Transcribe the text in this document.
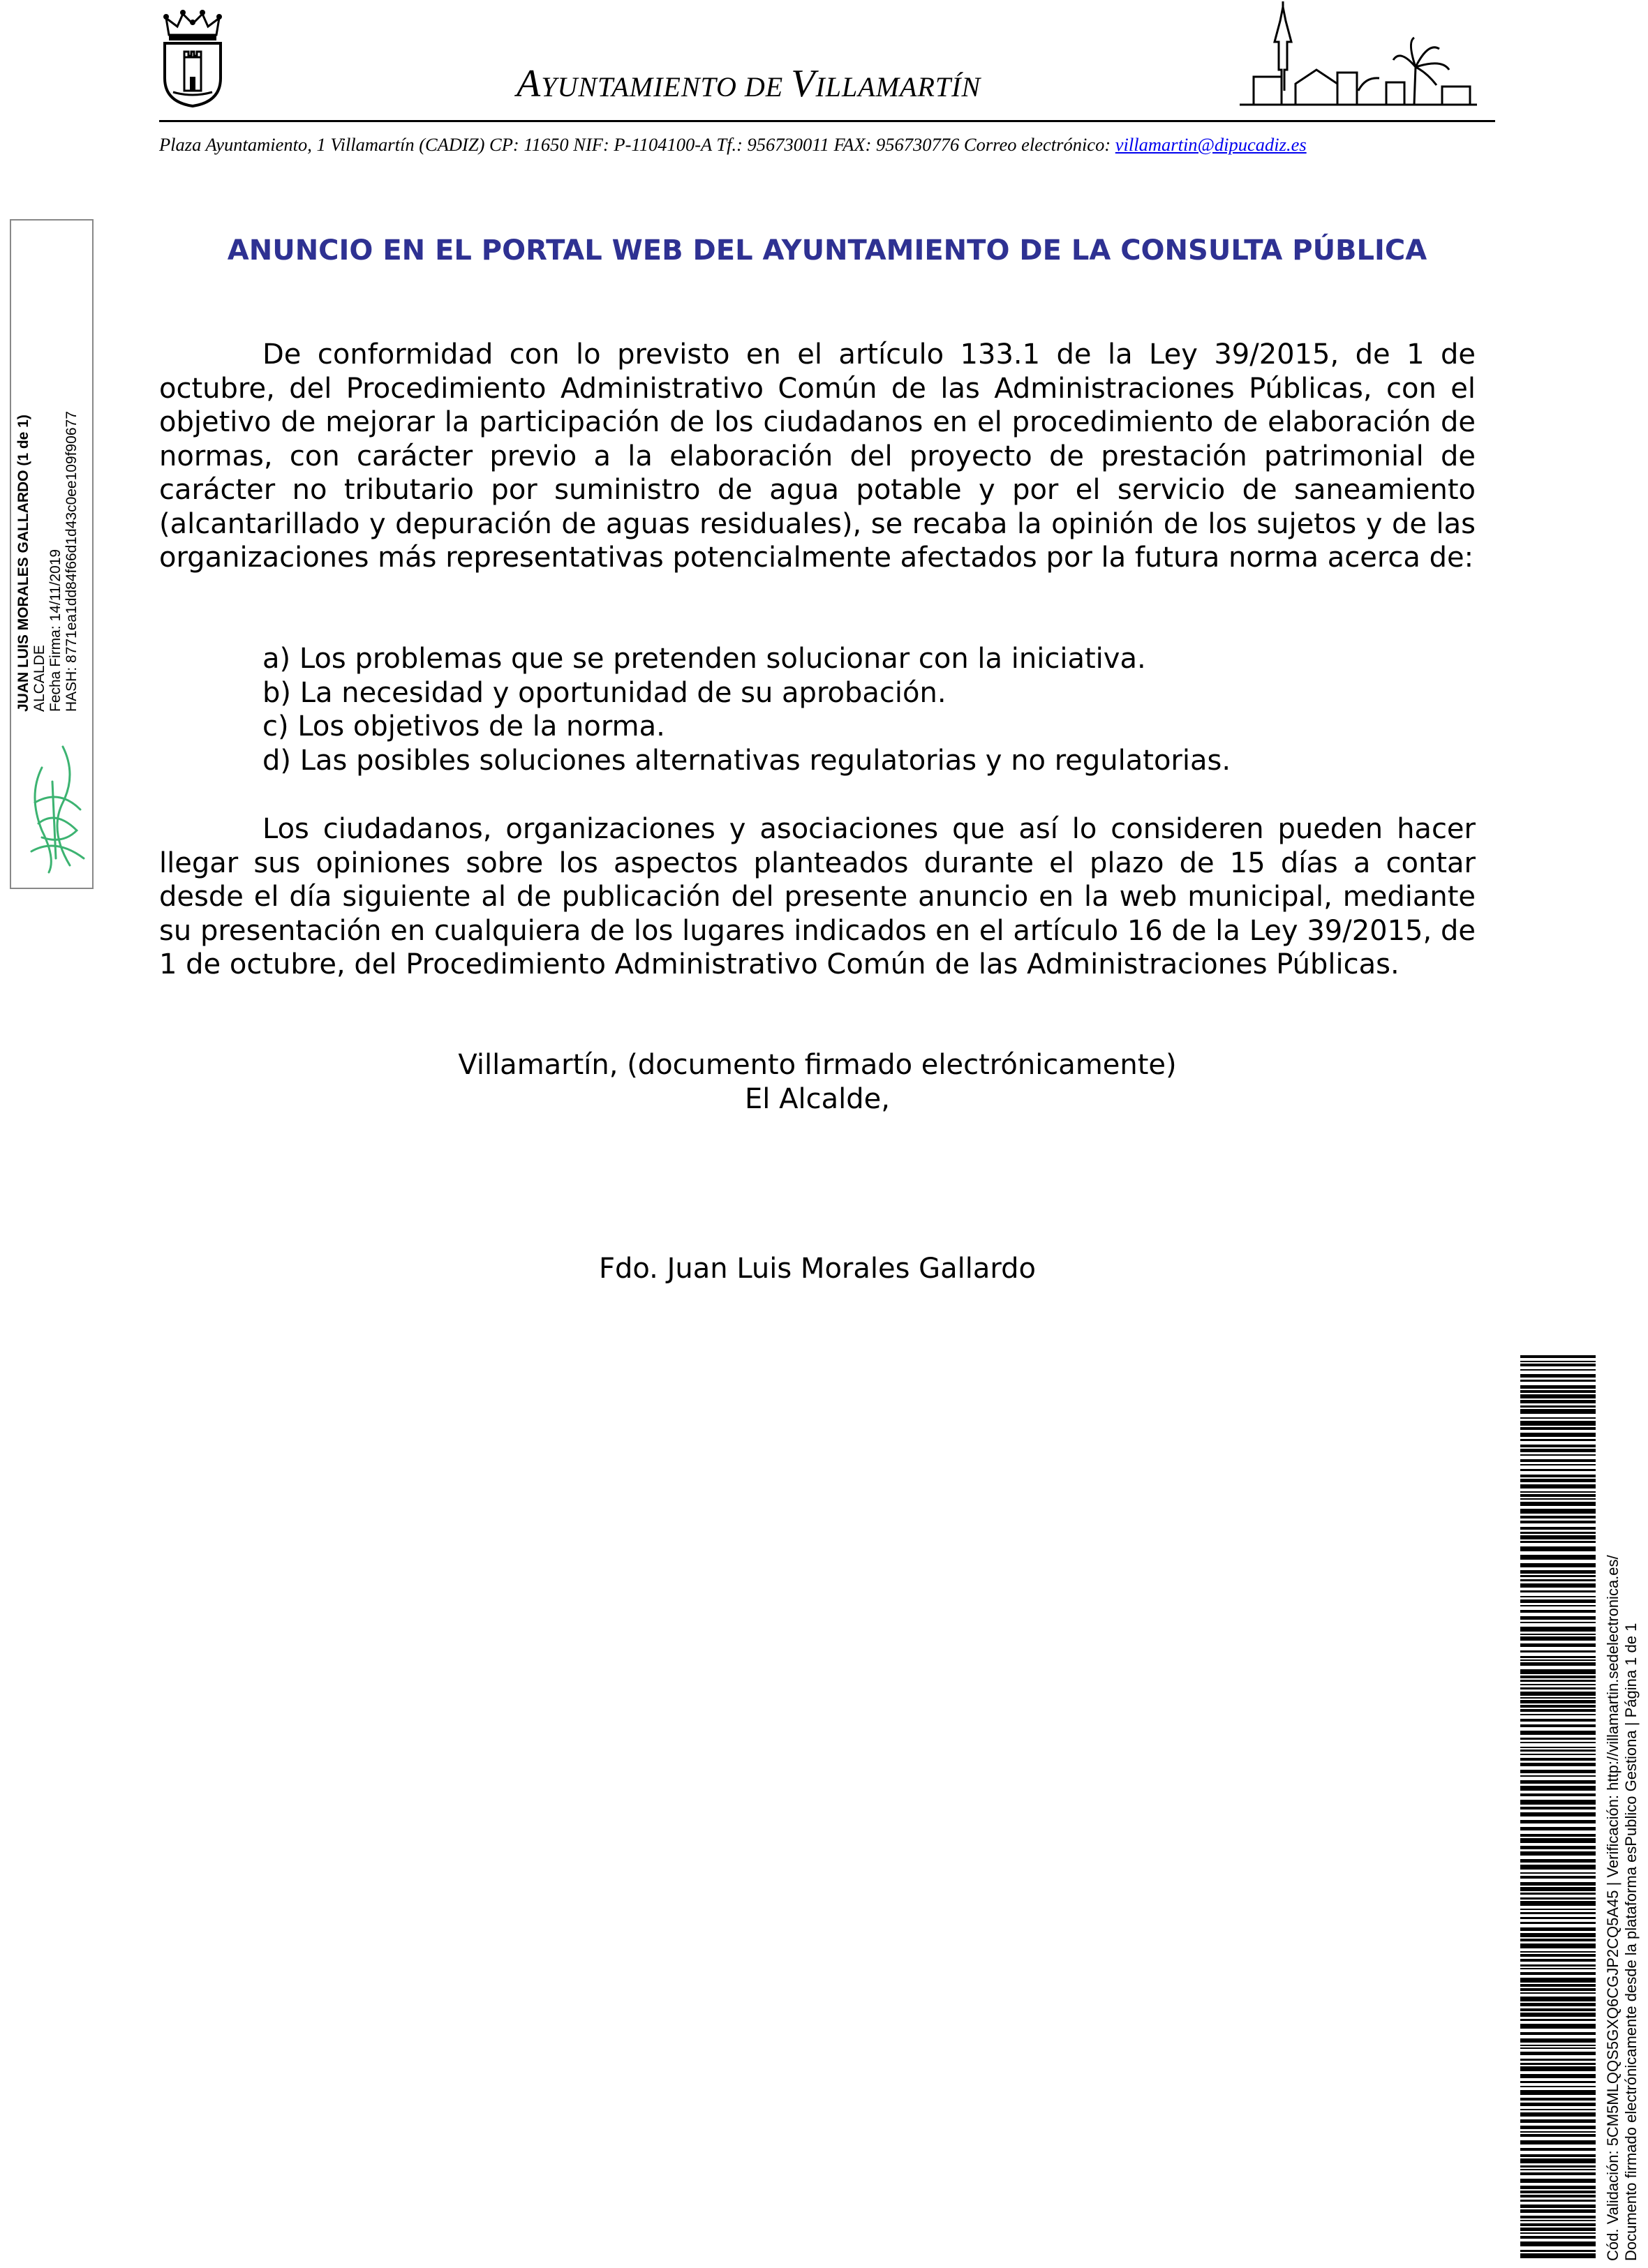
AYUNTAMIENTO DE VILLAMARTÍN
Plaza Ayuntamiento, 1 Villamartín (CADIZ) CP: 11650 NIF: P-1104100-A Tf.: 956730011 FAX: 956730776 Correo electrónico: villamartin@dipucadiz.es
JUAN LUIS MORALES GALLARDO (1 de 1) ALCALDE Fecha Firma: 14/11/2019 HASH: 8771ea1dd84f66d1d43c0ee109f90677
ANUNCIO EN EL PORTAL WEB DEL AYUNTAMIENTO DE LA CONSULTA PÚBLICA
De conformidad con lo previsto en el artículo 133.1 de la Ley 39/2015, de 1 de octubre, del Procedimiento Administrativo Común de las Administraciones Públicas, con el objetivo de mejorar la participación de los ciudadanos en el procedimiento de elaboración de normas, con carácter previo a la elaboración del proyecto de prestación patrimonial de carácter no tributario por suministro de agua potable y por el servicio de saneamiento (alcantarillado y depuración de aguas residuales), se recaba la opinión de los sujetos y de las organizaciones más representativas potencialmente afectados por la futura norma acerca de:
a) Los problemas que se pretenden solucionar con la iniciativa.
b) La necesidad y oportunidad de su aprobación.
c) Los objetivos de la norma.
d) Las posibles soluciones alternativas regulatorias y no regulatorias.
Los ciudadanos, organizaciones y asociaciones que así lo consideren pueden hacer llegar sus opiniones sobre los aspectos planteados durante el plazo de 15 días a contar desde el día siguiente al de publicación del presente anuncio en la web municipal, mediante su presentación en cualquiera de los lugares indicados en el artículo 16 de la Ley 39/2015, de 1 de octubre, del Procedimiento Administrativo Común de las Administraciones Públicas.
Villamartín, (documento firmado electrónicamente)
El Alcalde,
Fdo. Juan Luis Morales Gallardo
Cód. Validación: 5CM5MLQQS5GXQ6CGJP2CQ5A45 | Verificación: http://villamartin.sedelectronica.es/ Documento firmado electrónicamente desde la plataforma esPublico Gestiona | Página 1 de 1
